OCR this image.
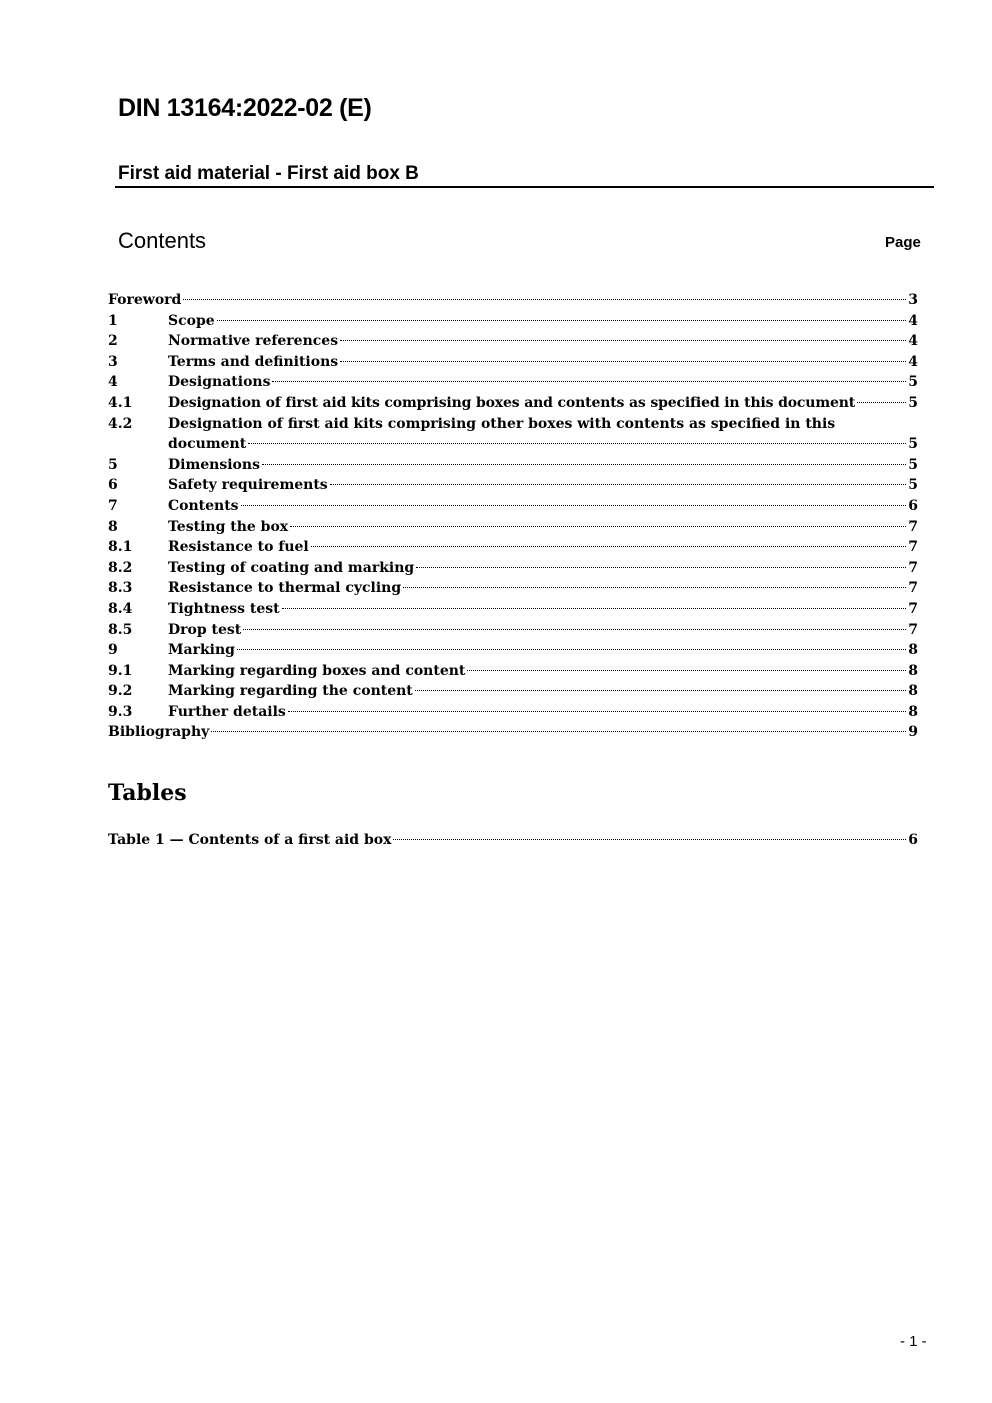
DIN 13164:2022-02 (E)
First aid material - First aid box B
Contents	Page
Foreword	3
1	Scope	4
2	Normative references	4
3	Terms and definitions	4
4	Designations	5
4.1	Designation of first aid kits comprising boxes and contents as specified in this document	5
4.2	Designation of first aid kits comprising other boxes with contents as specified in this
document	5
5	Dimensions	5
6	Safety requirements	5
7	Contents	6
8	Testing the box	7
8.1	Resistance to fuel	7
8.2	Testing of coating and marking	7
8.3	Resistance to thermal cycling	7
8.4	Tightness test	7
8.5	Drop test	7
9	Marking	8
9.1	Marking regarding boxes and content	8
9.2	Marking regarding the content	8
9.3	Further details	8
Bibliography	9
Tables
Table 1 — Contents of a first aid box	6
- 1 -
